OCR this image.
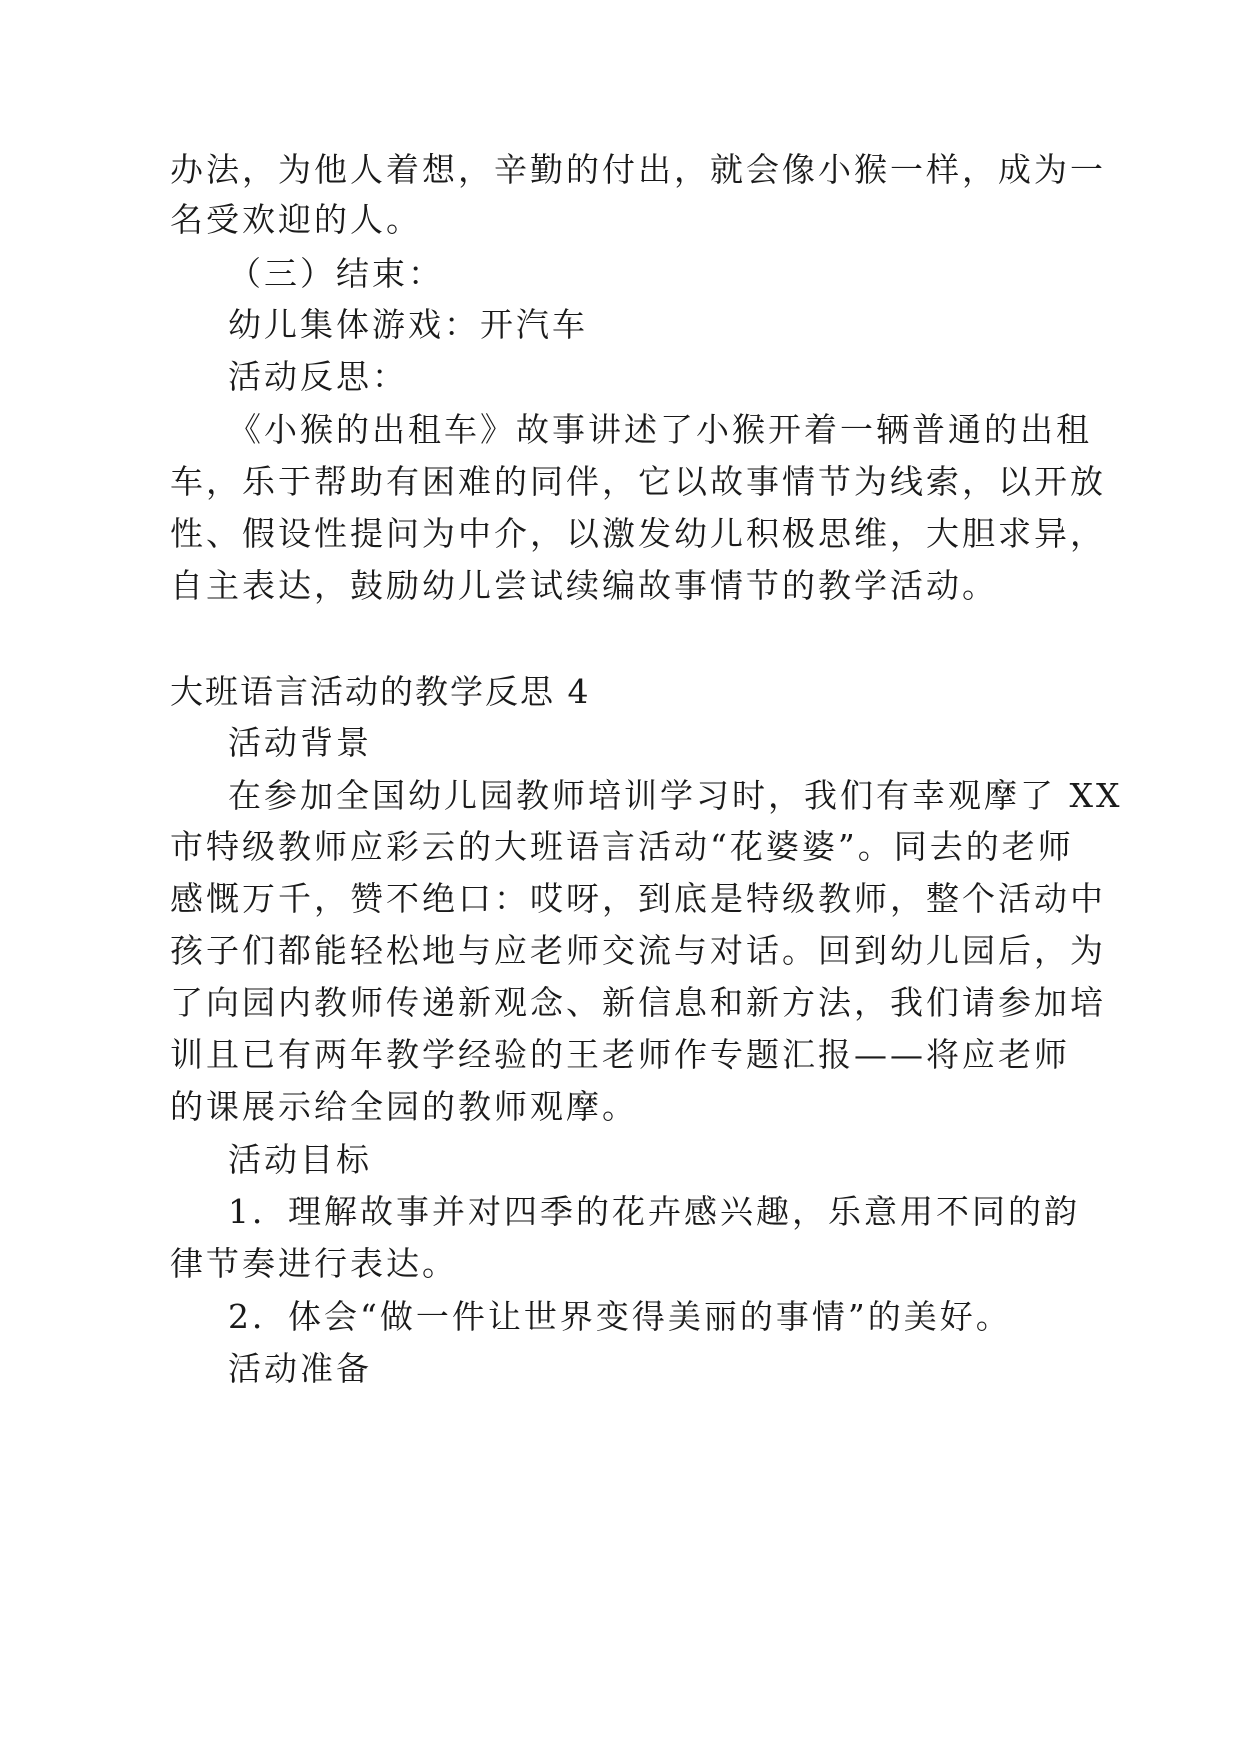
办法，为他人着想，辛勤的付出，就会像小猴一样，成为一
名受欢迎的人。
（三）结束：
幼儿集体游戏：开汽车
活动反思：
《小猴的出租车》故事讲述了小猴开着一辆普通的出租
车，乐于帮助有困难的同伴，它以故事情节为线索，以开放
性、假设性提问为中介，以激发幼儿积极思维，大胆求异，
自主表达，鼓励幼儿尝试续编故事情节的教学活动。
大班语言活动的教学反思 4
活动背景
在参加全国幼儿园教师培训学习时，我们有幸观摩了 XX
市特级教师应彩云的大班语言活动“花婆婆”。同去的老师
感慨万千，赞不绝口：哎呀，到底是特级教师，整个活动中
孩子们都能轻松地与应老师交流与对话。回到幼儿园后，为
了向园内教师传递新观念、新信息和新方法，我们请参加培
训且已有两年教学经验的王老师作专题汇报——将应老师
的课展示给全园的教师观摩。
活动目标
1．理解故事并对四季的花卉感兴趣，乐意用不同的韵
律节奏进行表达。
2．体会“做一件让世界变得美丽的事情”的美好。
活动准备
